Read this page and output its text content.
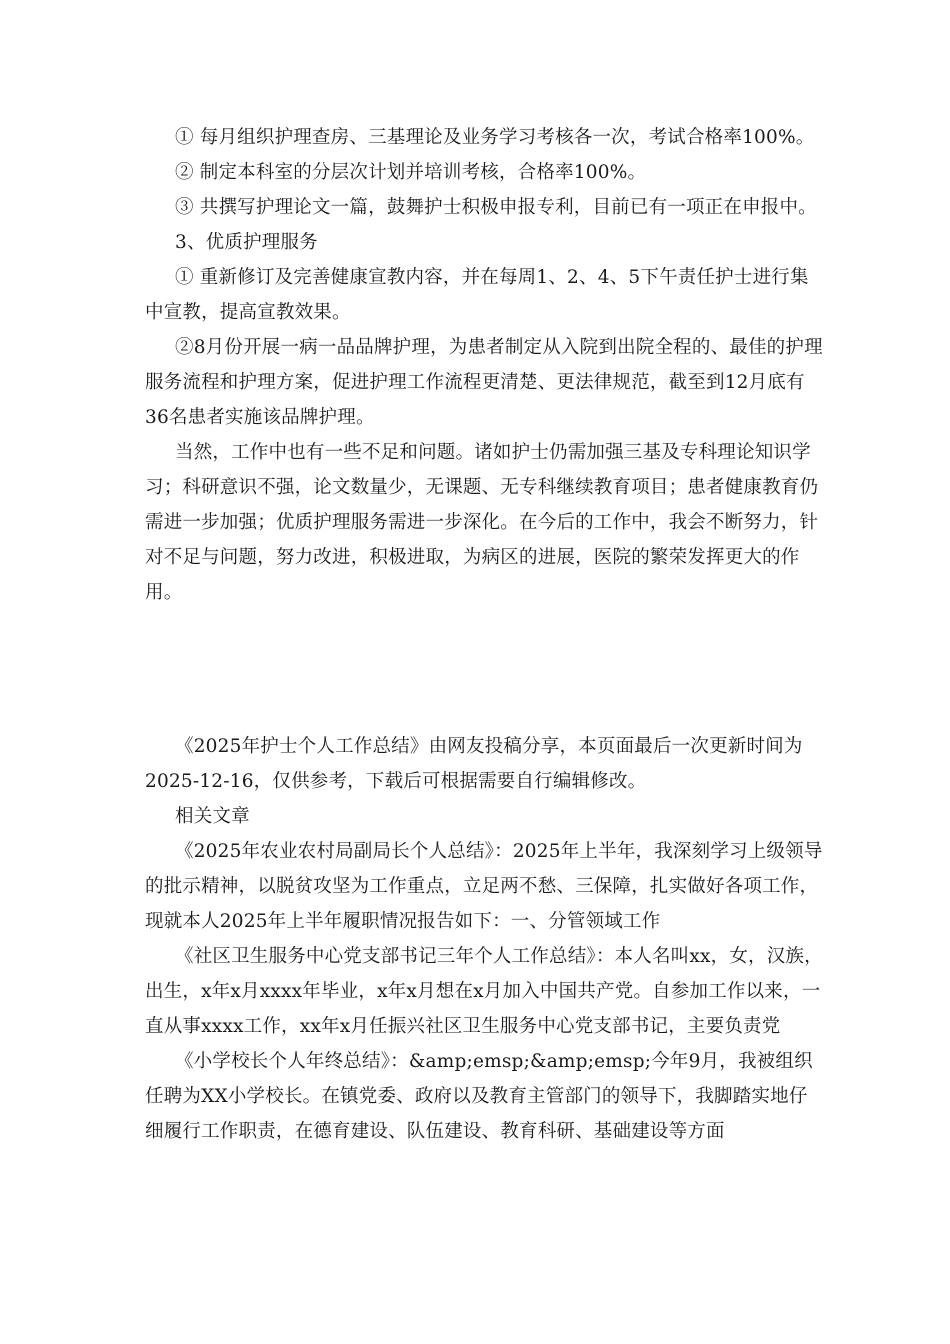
① 每月组织护理查房、三基理论及业务学习考核各一次，考试合格率100%。

② 制定本科室的分层次计划并培训考核，合格率100%。

③ 共撰写护理论文一篇，鼓舞护士积极申报专利，目前已有一项正在申报中。

3、优质护理服务

① 重新修订及完善健康宣教内容，并在每周1、2、4、5下午责任护士进行集中宣教，提高宣教效果。

②8月份开展一病一品品牌护理，为患者制定从入院到出院全程的、最佳的护理服务流程和护理方案，促进护理工作流程更清楚、更法律规范，截至到12月底有36名患者实施该品牌护理。

当然，工作中也有一些不足和问题。诸如护士仍需加强三基及专科理论知识学习；科研意识不强，论文数量少，无课题、无专科继续教育项目；患者健康教育仍需进一步加强；优质护理服务需进一步深化。在今后的工作中，我会不断努力，针对不足与问题，努力改进，积极进取，为病区的进展，医院的繁荣发挥更大的作用。

《2025年护士个人工作总结》由网友投稿分享，本页面最后一次更新时间为2025-12-16，仅供参考，下载后可根据需要自行编辑修改。

相关文章

《2025年农业农村局副局长个人总结》：2025年上半年，我深刻学习上级领导的批示精神，以脱贫攻坚为工作重点，立足两不愁、三保障，扎实做好各项工作，现就本人2025年上半年履职情况报告如下：一、分管领域工作

《社区卫生服务中心党支部书记三年个人工作总结》：本人名叫xx，女，汉族，出生，x年x月xxxx年毕业，x年x月想在x月加入中国共产党。自参加工作以来，一直从事xxxx工作，xx年x月任振兴社区卫生服务中心党支部书记，主要负责党

《小学校长个人年终总结》：&amp;emsp;&amp;emsp;今年9月，我被组织任聘为XX小学校长。在镇党委、政府以及教育主管部门的领导下，我脚踏实地仔细履行工作职责，在德育建设、队伍建设、教育科研、基础建设等方面
